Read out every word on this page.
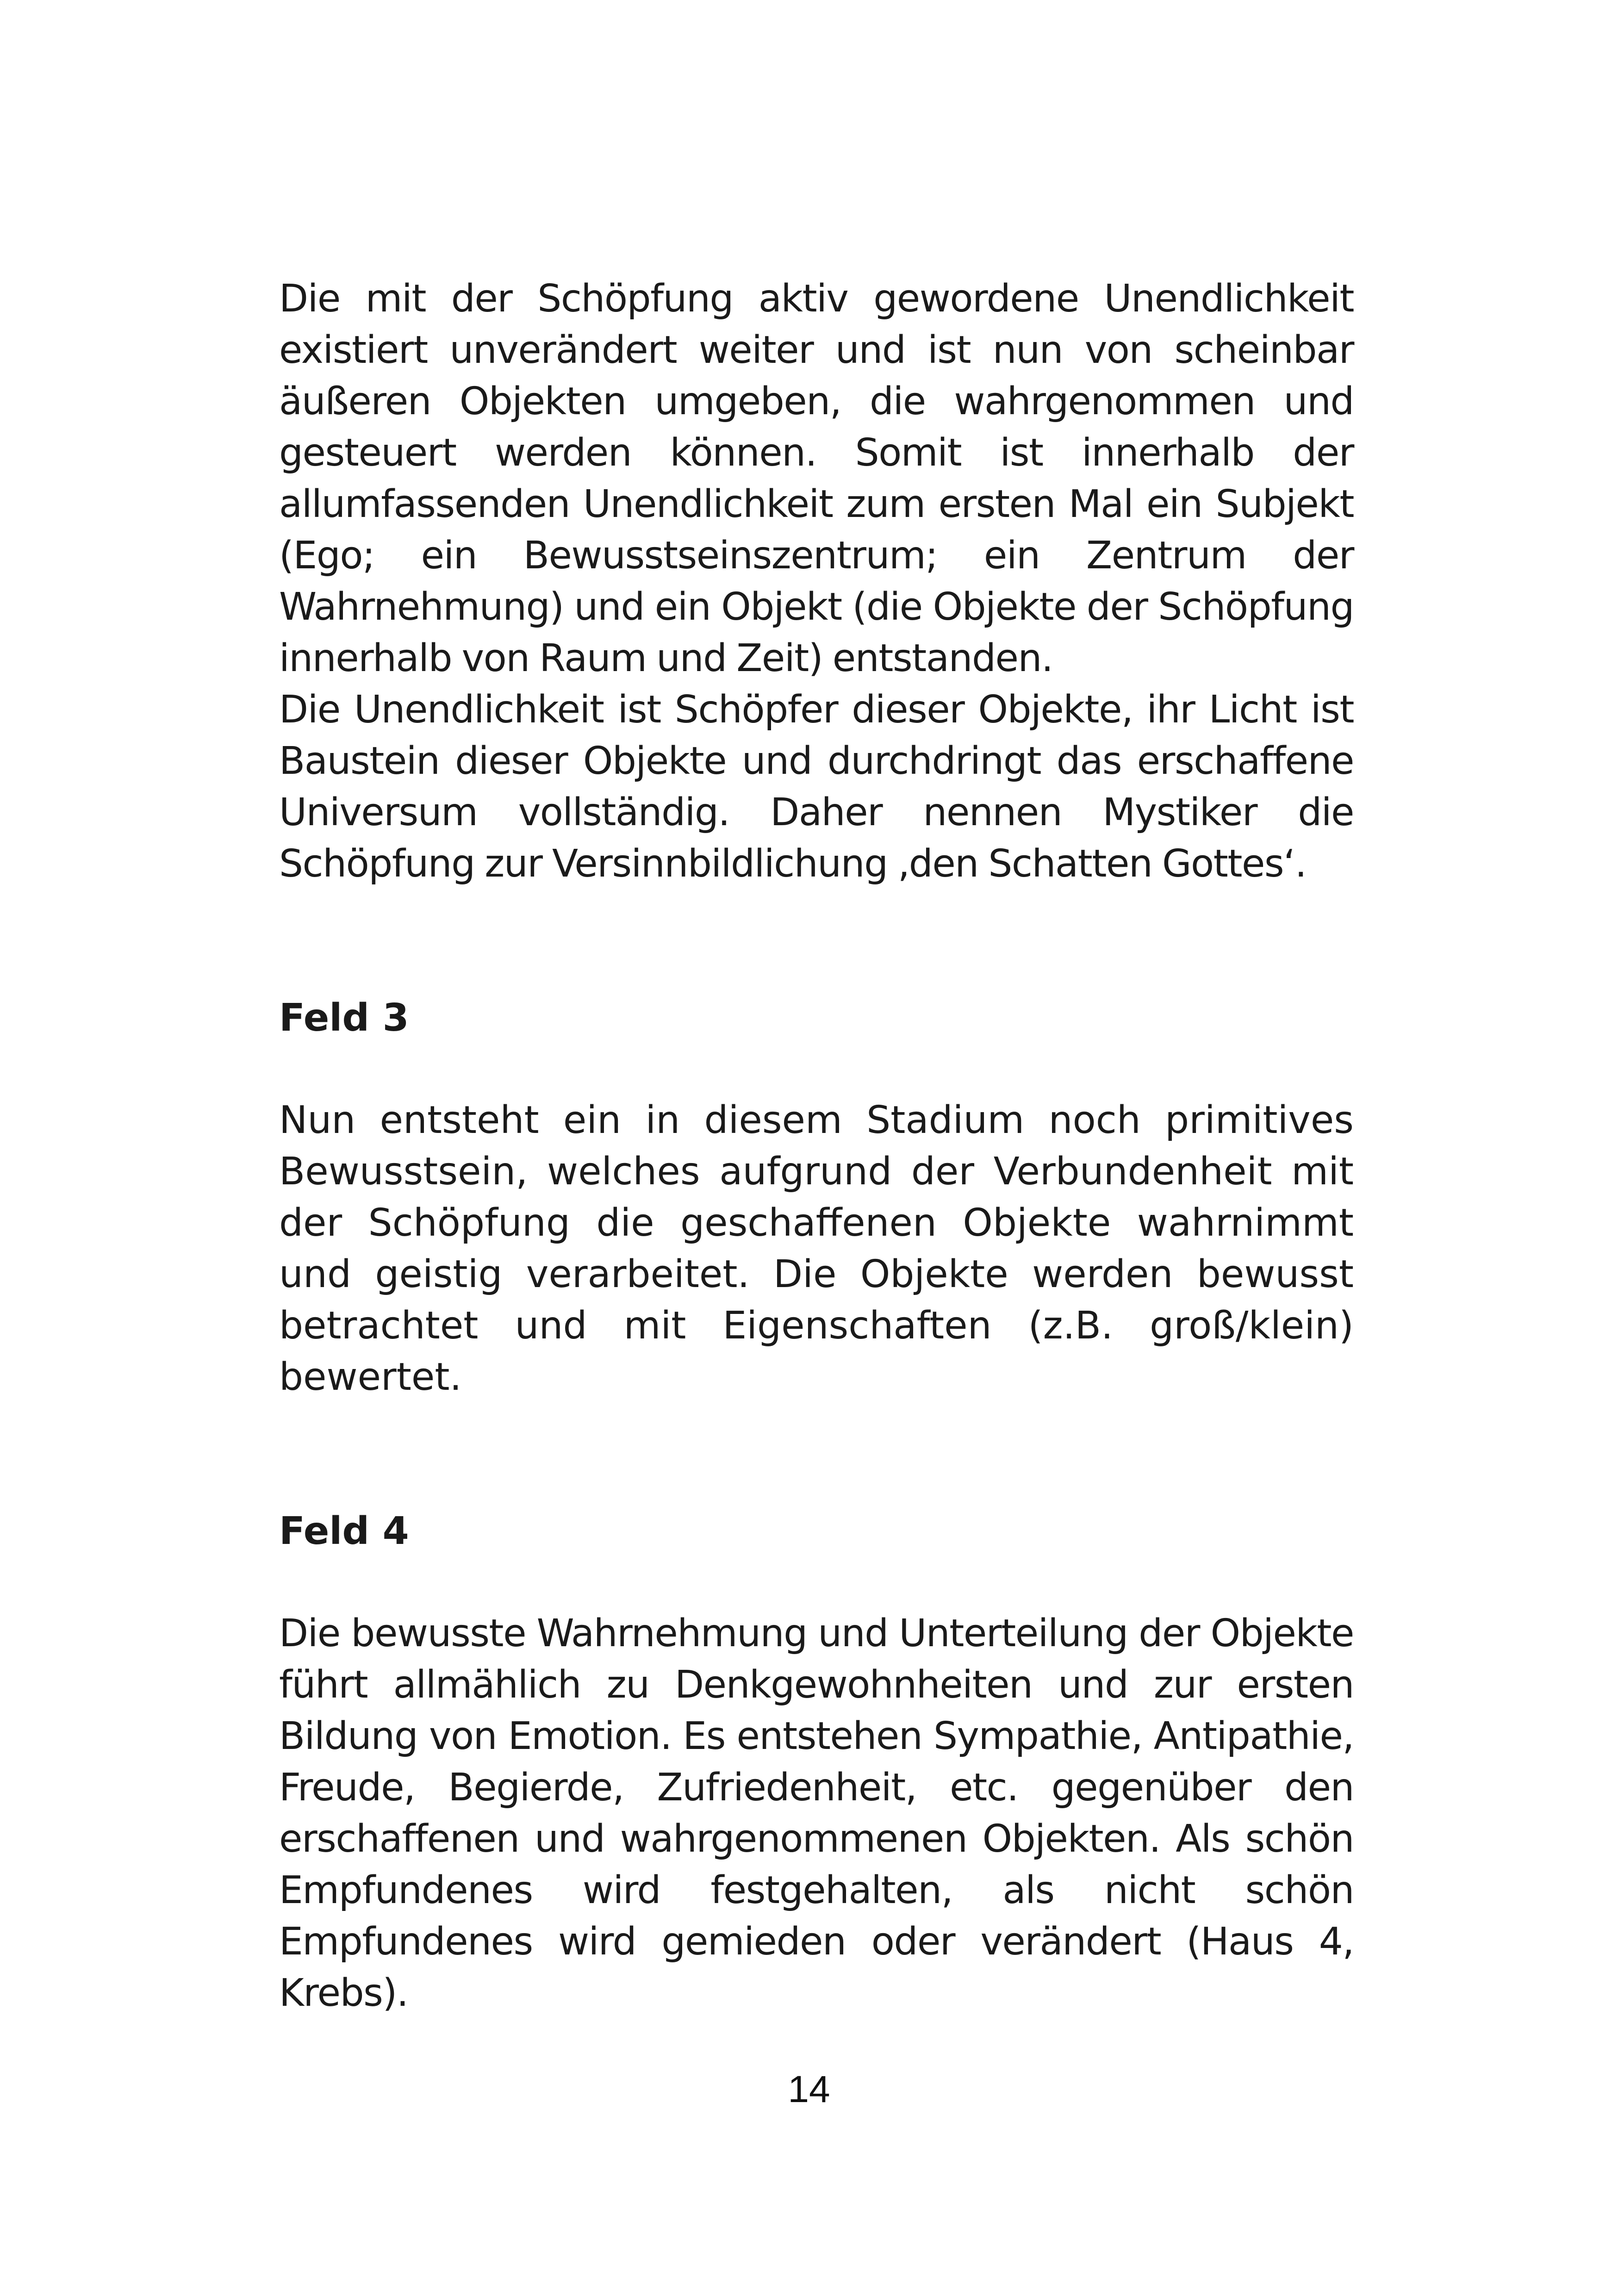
Die mit der Schöpfung aktiv gewordene Unendlichkeit existiert unverändert weiter und ist nun von scheinbar äußeren Objekten umgeben, die wahrgenommen und gesteuert werden können. Somit ist innerhalb der allumfassenden Unendlichkeit zum ersten Mal ein Subjekt (Ego; ein Bewusstseinszentrum; ein Zentrum der Wahrnehmung) und ein Objekt (die Objekte der Schöpfung innerhalb von Raum und Zeit) entstanden.

Die Unendlichkeit ist Schöpfer dieser Objekte, ihr Licht ist Baustein dieser Objekte und durchdringt das erschaffene Universum vollständig. Daher nennen Mystiker die Schöpfung zur Versinnbildlichung ‚den Schatten Gottes‘.

Feld 3

Nun entsteht ein in diesem Stadium noch primitives Bewusstsein, welches aufgrund der Verbundenheit mit der Schöpfung die geschaffenen Objekte wahrnimmt und geistig verarbeitet. Die Objekte werden bewusst betrachtet und mit Eigenschaften (z.B. groß/klein) bewertet.

Feld 4

Die bewusste Wahrnehmung und Unterteilung der Objekte führt allmählich zu Denkgewohnheiten und zur ersten Bildung von Emotion. Es entstehen Sympathie, Antipathie, Freude, Begierde, Zufriedenheit, etc. gegenüber den erschaffenen und wahrgenommenen Objekten. Als schön Empfundenes wird festgehalten, als nicht schön Empfundenes wird gemieden oder verändert (Haus 4, Krebs).

14
